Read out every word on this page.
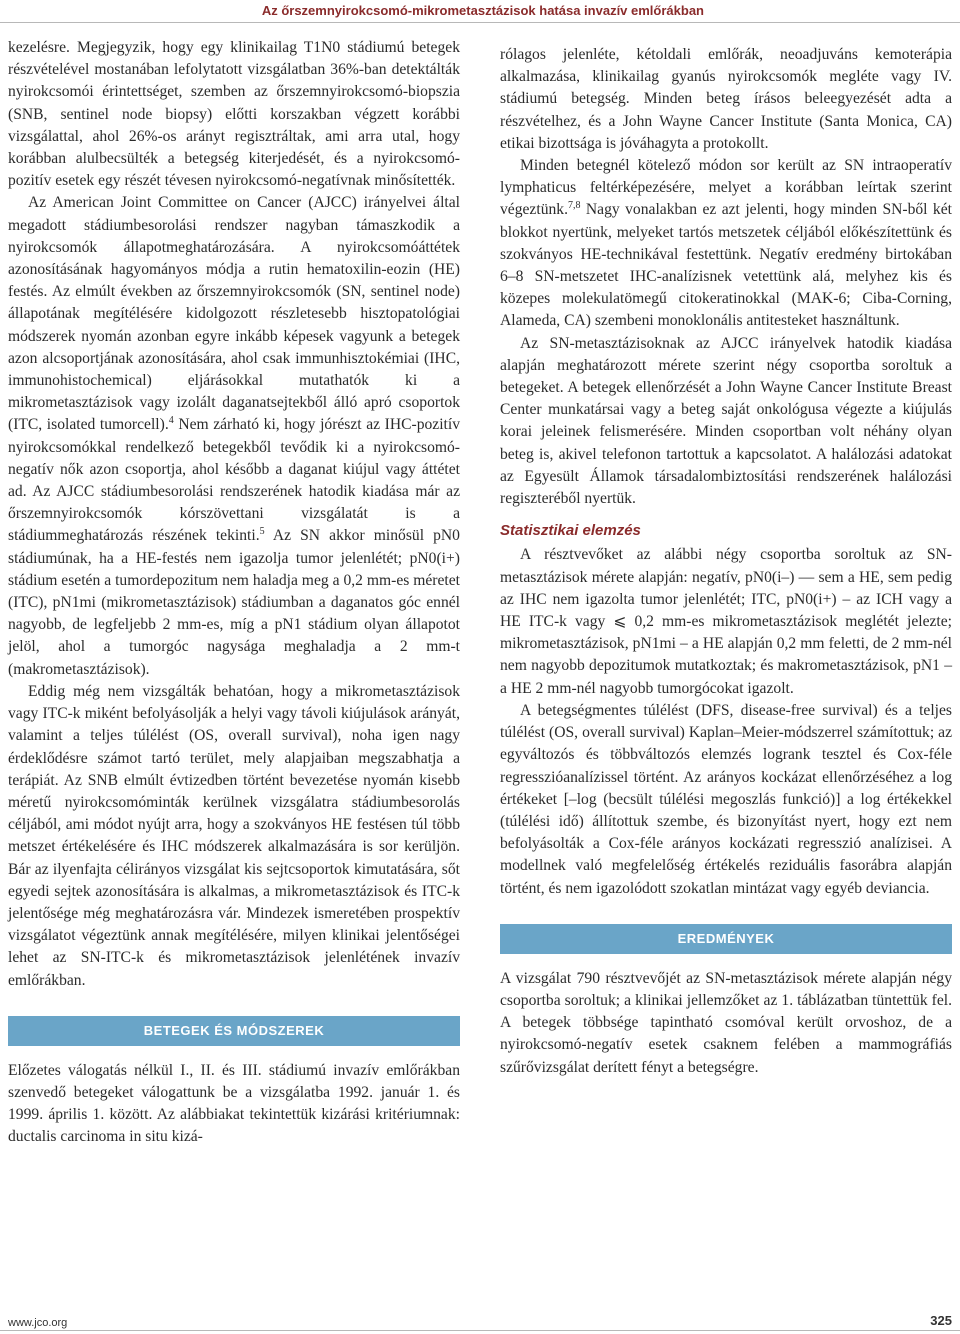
Az őrszemnyirokcsomó-mikrometasztázisok hatása invazív emlőrákban

kezelésre. Megjegyzik, hogy egy klinikailag T1N0 stádiumú betegek részvételével mostanában lefolytatott vizsgálatban 36%-ban detektálták nyirokcsomói érintettséget, szemben az őrszemnyirokcsomó-biopszia (SNB, sentinel node biopsy) előtti korszakban végzett korábbi vizsgálattal, ahol 26%-os arányt regisztráltak, ami arra utal, hogy korábban alulbecsülték a betegség kiterjedését, és a nyirokcsomó-pozitív esetek egy részét tévesen nyirokcsomó-negatívnak minősítették.

Az American Joint Committee on Cancer (AJCC) irányelvei által megadott stádiumbesorolási rendszer nagyban támaszkodik a nyirokcsomók állapotmeghatározására. A nyirokcsomóáttétek azonosításának hagyományos módja a rutin hematoxilin-eozin (HE) festés. Az elmúlt években az őrszemnyirokcsomók (SN, sentinel node) állapotának megítélésére kidolgozott részletesebb hisztopatológiai módszerek nyomán azonban egyre inkább képesek vagyunk a betegek azon alcsoportjának azonosítására, ahol csak immunhisztokémiai (IHC, immunohistochemical) eljárásokkal mutathatók ki a mikrometasztázisok vagy izolált daganatsejtekből álló apró csoportok (ITC, isolated tumorcell).$^4$ Nem zárható ki, hogy jórészt az IHC-pozitív nyirokcsomókkal rendelkező betegekből tevődik ki a nyirokcsomó-negatív nők azon csoportja, ahol később a daganat kiújul vagy áttétet ad. Az AJCC stádiumbesorolási rendszerének hatodik kiadása már az őrszemnyirokcsomók kórszövettani vizsgálatát is a stádiummeghatározás részének tekinti.$^5$ Az SN akkor minősül pN0 stádiumúnak, ha a HE-festés nem igazolja tumor jelenlétét; pN0(i+) stádium esetén a tumordepozitum nem haladja meg a 0,2 mm-es méretet (ITC), pN1mi (mikrometasztázisok) stádiumban a daganatos góc ennél nagyobb, de legfeljebb 2 mm-es, míg a pN1 stádium olyan állapotot jelöl, ahol a tumorgóc nagysága meghaladja a 2 mm-t (makrometasztázisok).

Eddig még nem vizsgálták behatóan, hogy a mikrometasztázisok vagy ITC-k miként befolyásolják a helyi vagy távoli kiújulások arányát, valamint a teljes túlélést (OS, overall survival), noha igen nagy érdeklődésre számot tartó terület, mely alapjaiban megszabhatja a terápiát. Az SNB elmúlt évtizedben történt bevezetése nyomán kisebb méretű nyirokcsomóminták kerülnek vizsgálatra stádiumbesorolás céljából, ami módot nyújt arra, hogy a szokványos HE festésen túl több metszet értékelésére és IHC módszerek alkalmazására is sor kerüljön. Bár az ilyenfajta célirányos vizsgálat kis sejtcsoportok kimutatására, sőt egyedi sejtek azonosítására is alkalmas, a mikrometasztázisok és ITC-k jelentősége még meghatározásra vár. Mindezek ismeretében prospektív vizsgálatot végeztünk annak megítélésére, milyen klinikai jelentőségei lehet az SN-ITC-k és mikrometasztázisok jelenlétének invazív emlőrákban.

BETEGEK ÉS MÓDSZEREK

Előzetes válogatás nélkül I., II. és III. stádiumú invazív emlőrákban szenvedő betegeket válogattunk be a vizsgálatba 1992. január 1. és 1999. április 1. között. Az alábbiakat tekintettük kizárási kritériumnak: ductalis carcinoma in situ kizá-

rólagos jelenléte, kétoldali emlőrák, neoadjuváns kemoterápia alkalmazása, klinikailag gyanús nyirokcsomók megléte vagy IV. stádiumú betegség. Minden beteg írásos beleegyezését adta a részvételhez, és a John Wayne Cancer Institute (Santa Monica, CA) etikai bizottsága is jóváhagyta a protokollt.

Minden betegnél kötelező módon sor került az SN intraoperatív lymphaticus feltérképezésére, melyet a korábban leírtak szerint végeztünk.$^{7,8}$ Nagy vonalakban ez azt jelenti, hogy minden SN-ből két blokkot nyertünk, melyeket tartós metszetek céljából előkészítettünk és szokványos HE-technikával festettünk. Negatív eredmény birtokában 6–8 SN-metszetet IHC-analízisnek vetettünk alá, melyhez kis és közepes molekulatömegű citokeratinokkal (MAK-6; Ciba-Corning, Alameda, CA) szembeni monoklonális antitesteket használtunk.

Az SN-metasztázisoknak az AJCC irányelvek hatodik kiadása alapján meghatározott mérete szerint négy csoportba soroltuk a betegeket. A betegek ellenőrzését a John Wayne Cancer Institute Breast Center munkatársai vagy a beteg saját onkológusa végezte a kiújulás korai jeleinek felismerésére. Minden csoportban volt néhány olyan beteg is, akivel telefonon tartottuk a kapcsolatot. A halálozási adatokat az Egyesült Államok társadalombiztosítási rendszerének halálozási regiszteréből nyertük.

Statisztikai elemzés

A résztvevőket az alábbi négy csoportba soroltuk az SN-metasztázisok mérete alapján: negatív, pN0(i–) — sem a HE, sem pedig az IHC nem igazolta tumor jelenlétét; ITC, pN0(i+) – az ICH vagy a HE ITC-k vagy ⩽ 0,2 mm-es mikrometasztázisok meglétét jelezte; mikrometasztázisok, pN1mi – a HE alapján 0,2 mm feletti, de 2 mm-nél nem nagyobb depozitumok mutatkoztak; és makrometasztázisok, pN1 – a HE 2 mm-nél nagyobb tumorgócokat igazolt.

A betegségmentes túlélést (DFS, disease-free survival) és a teljes túlélést (OS, overall survival) Kaplan–Meier-módszerrel számítottuk; az egyváltozós és többváltozós elemzés logrank tesztel és Cox-féle regresszióanalízissel történt. Az arányos kockázat ellenőrzéséhez a log értékeket [–log (becsült túlélési megoszlás funkció)] a log értékekkel (túlélési idő) állítottuk szembe, és bizonyítást nyert, hogy ezt nem befolyásolták a Cox-féle arányos kockázati regresszió analízisei. A modellnek való megfelelőség értékelés reziduális fasorábra alapján történt, és nem igazolódott szokatlan mintázat vagy egyéb deviancia.

EREDMÉNYEK

A vizsgálat 790 résztvevőjét az SN-metasztázisok mérete alapján négy csoportba soroltuk; a klinikai jellemzőket az 1. táblázatban tüntettük fel. A betegek többsége tapintható csomóval került orvoshoz, de a nyirokcsomó-negatív esetek csaknem felében a mammográfiás szűrővizsgálat derített fényt a betegségre.

www.jco.org	325
